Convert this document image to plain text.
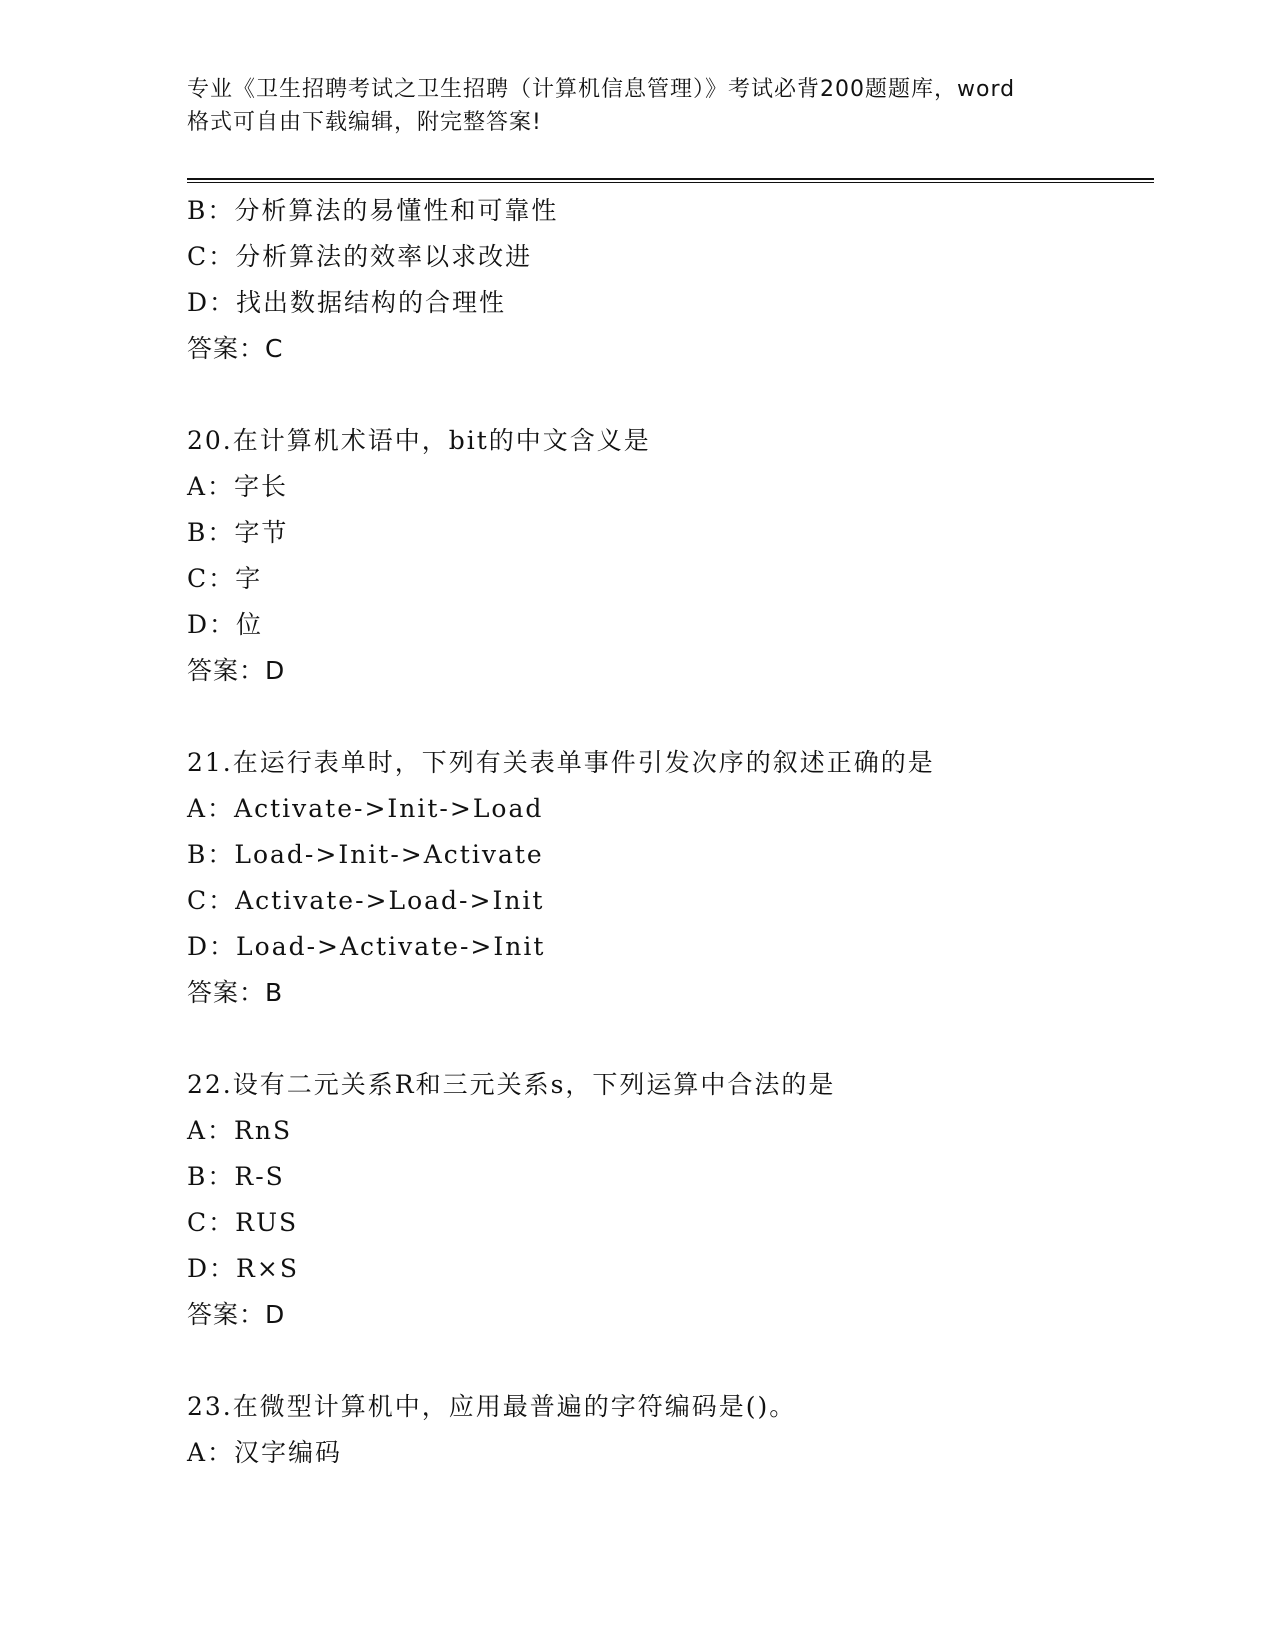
专业《卫生招聘考试之卫生招聘（计算机信息管理）》考试必背200题题库，word
格式可自由下载编辑，附完整答案!
B：分析算法的易懂性和可靠性
C：分析算法的效率以求改进
D：找出数据结构的合理性
答案：C
20.在计算机术语中，bit的中文含义是
A：字长
B：字节
C：字
D：位
答案：D
21.在运行表单时，下列有关表单事件引发次序的叙述正确的是
A：Activate->Init->Load
B：Load->Init->Activate
C：Activate->Load->Init
D：Load->Activate->Init
答案：B
22.设有二元关系R和三元关系s，下列运算中合法的是
A：RnS
B：R-S
C：RUS
D：R×S
答案：D
23.在微型计算机中，应用最普遍的字符编码是()。
A：汉字编码
